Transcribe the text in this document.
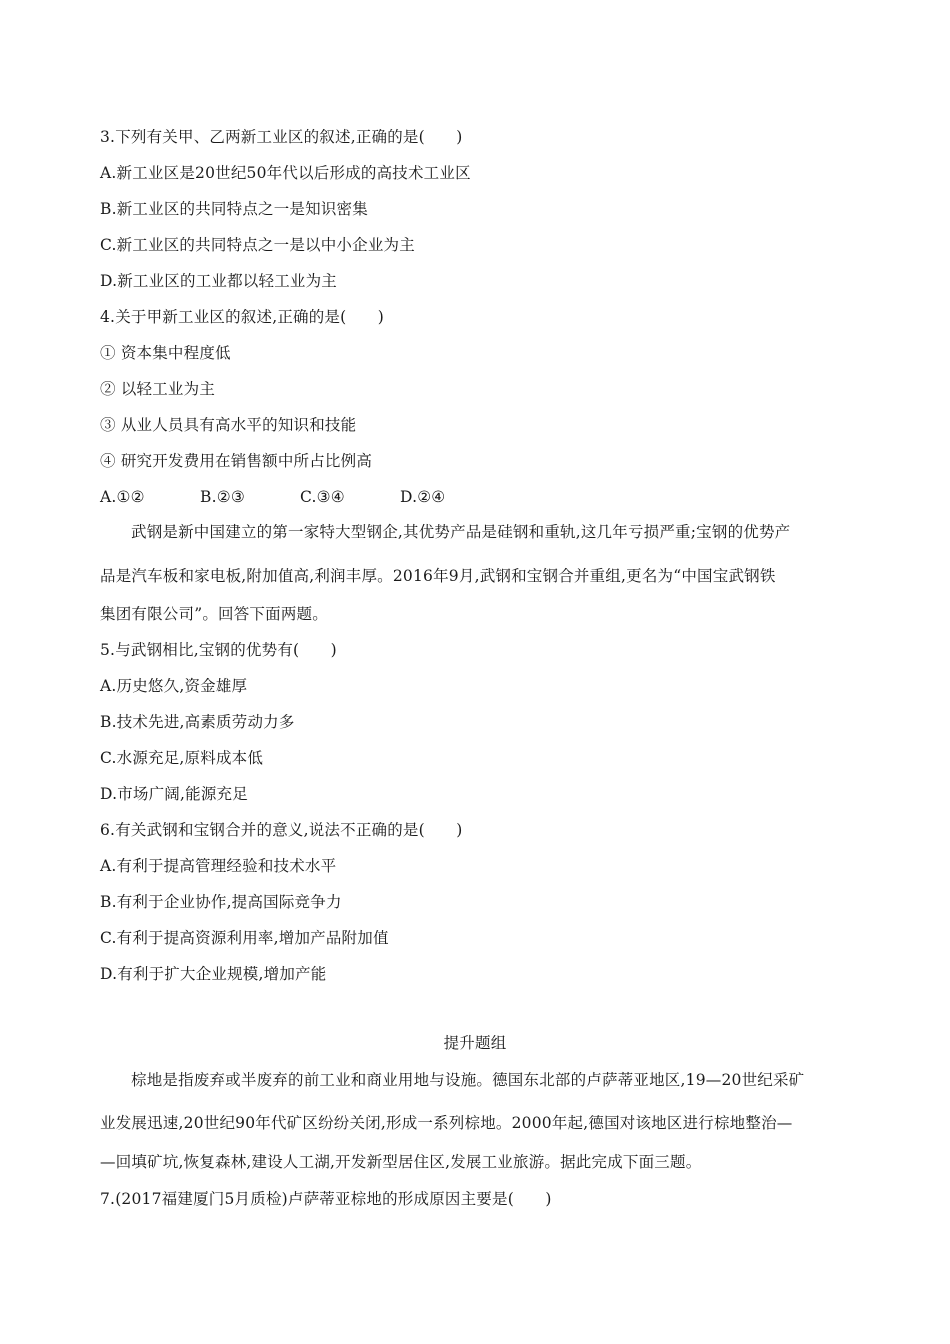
3.下列有关甲、乙两新工业区的叙述,正确的是(　　)
A.新工业区是20世纪50年代以后形成的高技术工业区
B.新工业区的共同特点之一是知识密集
C.新工业区的共同特点之一是以中小企业为主
D.新工业区的工业都以轻工业为主
4.关于甲新工业区的叙述,正确的是(　　)
① 资本集中程度低
② 以轻工业为主
③ 从业人员具有高水平的知识和技能
④ 研究开发费用在销售额中所占比例高
A.①②	B.②③	C.③④	D.②④
武钢是新中国建立的第一家特大型钢企,其优势产品是硅钢和重轨,这几年亏损严重;宝钢的优势产
品是汽车板和家电板,附加值高,利润丰厚。2016年9月,武钢和宝钢合并重组,更名为“中国宝武钢铁
集团有限公司”。回答下面两题。
5.与武钢相比,宝钢的优势有(　　)
A.历史悠久,资金雄厚
B.技术先进,高素质劳动力多
C.水源充足,原料成本低
D.市场广阔,能源充足
6.有关武钢和宝钢合并的意义,说法不正确的是(　　)
A.有利于提高管理经验和技术水平
B.有利于企业协作,提高国际竞争力
C.有利于提高资源利用率,增加产品附加值
D.有利于扩大企业规模,增加产能
提升题组
棕地是指废弃或半废弃的前工业和商业用地与设施。德国东北部的卢萨蒂亚地区,19—20世纪采矿
业发展迅速,20世纪90年代矿区纷纷关闭,形成一系列棕地。2000年起,德国对该地区进行棕地整治—
—回填矿坑,恢复森林,建设人工湖,开发新型居住区,发展工业旅游。据此完成下面三题。
7.(2017福建厦门5月质检)卢萨蒂亚棕地的形成原因主要是(　　)
